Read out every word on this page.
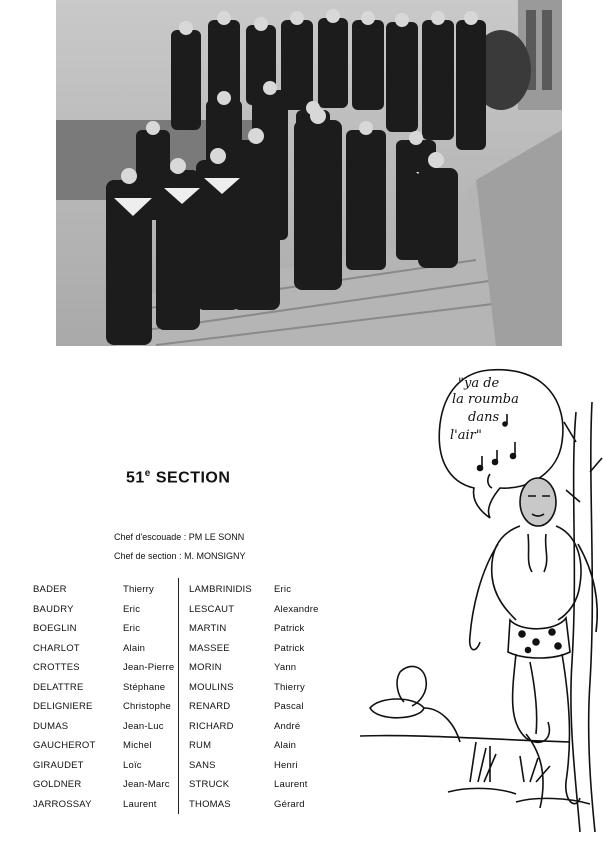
51e SECTION
Chef d'escouade : PM LE SONN
Chef de section : M. MONSIGNY
BADER	Thierry
BAUDRY	Eric
BOEGLIN	Eric
CHARLOT	Alain
CROTTES	Jean-Pierre
DELATTRE	Stéphane
DELIGNIERE	Christophe
DUMAS	Jean-Luc
GAUCHEROT	Michel
GIRAUDET	Loïc
GOLDNER	Jean-Marc
JARROSSAY	Laurent
LAMBRINIDIS Eric
LESCAUT	Alexandre
MARTIN	Patrick
MASSEE	Patrick
MORIN	Yann
MOULINS	Thierry
RENARD	Pascal
RICHARD	André
RUM	Alain
SANS	Henri
STRUCK	Laurent
THOMAS	Gérard
"ya de
la roumba
dans
l'air"
